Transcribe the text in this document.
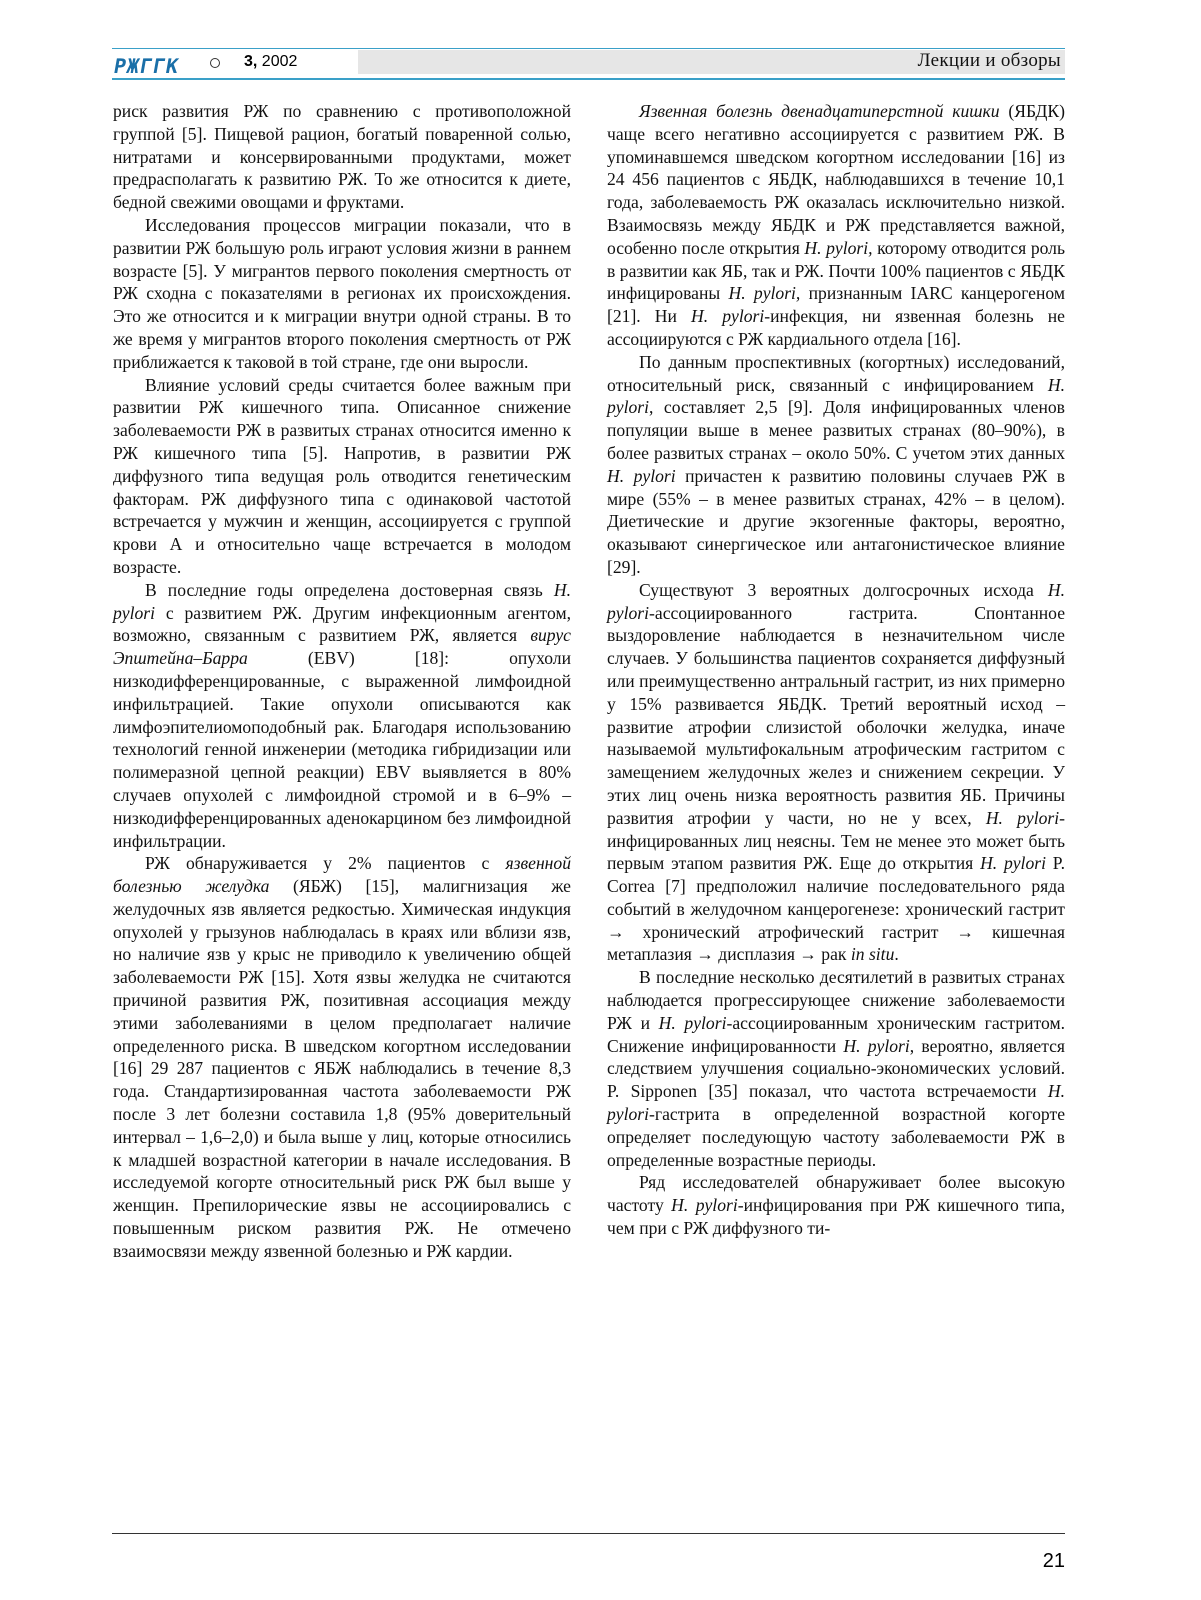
РЖГГК	3, 2002	Лекции и обзоры

риск развития РЖ по сравнению с противоположной группой [5]. Пищевой рацион, богатый поваренной солью, нитратами и консервированными продуктами, может предрасполагать к развитию РЖ. То же относится к диете, бедной свежими овощами и фруктами.

Исследования процессов миграции показали, что в развитии РЖ большую роль играют условия жизни в раннем возрасте [5]. У мигрантов первого поколения смертность от РЖ сходна с показателями в регионах их происхождения. Это же относится и к миграции внутри одной страны. В то же время у мигрантов второго поколения смертность от РЖ приближается к таковой в той стране, где они выросли.

Влияние условий среды считается более важным при развитии РЖ кишечного типа. Описанное снижение заболеваемости РЖ в развитых странах относится именно к РЖ кишечного типа [5]. Напротив, в развитии РЖ диффузного типа ведущая роль отводится генетическим факторам. РЖ диффузного типа с одинаковой частотой встречается у мужчин и женщин, ассоциируется с группой крови А и относительно чаще встречается в молодом возрасте.

В последние годы определена достоверная связь H. pylori с развитием РЖ. Другим инфекционным агентом, возможно, связанным с развитием РЖ, является вирус Эпштейна–Барра (EBV) [18]: опухоли низкодифференцированные, с выраженной лимфоидной инфильтрацией. Такие опухоли описываются как лимфоэпителиомоподобный рак. Благодаря использованию технологий генной инженерии (методика гибридизации или полимеразной цепной реакции) EBV выявляется в 80% случаев опухолей с лимфоидной стромой и в 6–9% – низкодифференцированных аденокарцином без лимфоидной инфильтрации.

РЖ обнаруживается у 2% пациентов с язвенной болезнью желудка (ЯБЖ) [15], малигнизация же желудочных язв является редкостью. Химическая индукция опухолей у грызунов наблюдалась в краях или вблизи язв, но наличие язв у крыс не приводило к увеличению общей заболеваемости РЖ [15]. Хотя язвы желудка не считаются причиной развития РЖ, позитивная ассоциация между этими заболеваниями в целом предполагает наличие определенного риска. В шведском когортном исследовании [16] 29 287 пациентов с ЯБЖ наблюдались в течение 8,3 года. Стандартизированная частота заболеваемости РЖ после 3 лет болезни составила 1,8 (95% доверительный интервал – 1,6–2,0) и была выше у лиц, которые относились к младшей возрастной категории в начале исследования. В исследуемой когорте относительный риск РЖ был выше у женщин. Препилорические язвы не ассоциировались с повышенным риском развития РЖ. Не отмечено взаимосвязи между язвенной болезнью и РЖ кардии.

Язвенная болезнь двенадцатиперстной кишки (ЯБДК) чаще всего негативно ассоциируется с развитием РЖ. В упоминавшемся шведском когортном исследовании [16] из 24 456 пациентов с ЯБДК, наблюдавшихся в течение 10,1 года, заболеваемость РЖ оказалась исключительно низкой. Взаимосвязь между ЯБДК и РЖ представляется важной, особенно после открытия H. pylori, которому отводится роль в развитии как ЯБ, так и РЖ. Почти 100% пациентов с ЯБДК инфицированы H. pylori, признанным IARC канцерогеном [21]. Ни H. pylori-инфекция, ни язвенная болезнь не ассоциируются с РЖ кардиального отдела [16].

По данным проспективных (когортных) исследований, относительный риск, связанный с инфицированием H. pylori, составляет 2,5 [9]. Доля инфицированных членов популяции выше в менее развитых странах (80–90%), в более развитых странах – около 50%. С учетом этих данных H. pylori причастен к развитию половины случаев РЖ в мире (55% – в менее развитых странах, 42% – в целом). Диетические и другие экзогенные факторы, вероятно, оказывают синергическое или антагонистическое влияние [29].

Существуют 3 вероятных долгосрочных исхода H. pylori-ассоциированного гастрита. Спонтанное выздоровление наблюдается в незначительном числе случаев. У большинства пациентов сохраняется диффузный или преимущественно антральный гастрит, из них примерно у 15% развивается ЯБДК. Третий вероятный исход – развитие атрофии слизистой оболочки желудка, иначе называемой мультифокальным атрофическим гастритом с замещением желудочных желез и снижением секреции. У этих лиц очень низка вероятность развития ЯБ. Причины развития атрофии у части, но не у всех, H. pylori-инфицированных лиц неясны. Тем не менее это может быть первым этапом развития РЖ. Еще до открытия H. pylori P. Correa [7] предположил наличие последовательного ряда событий в желудочном канцерогенезе: хронический гастрит → хронический атрофический гастрит → кишечная метаплазия → дисплазия → рак in situ.

В последние несколько десятилетий в развитых странах наблюдается прогрессирующее снижение заболеваемости РЖ и H. pylori-ассоциированным хроническим гастритом. Снижение инфицированности H. pylori, вероятно, является следствием улучшения социально-экономических условий. P. Sipponen [35] показал, что частота встречаемости H. pylori-гастрита в определенной возрастной когорте определяет последующую частоту заболеваемости РЖ в определенные возрастные периоды.

Ряд исследователей обнаруживает более высокую частоту H. pylori-инфицирования при РЖ кишечного типа, чем при с РЖ диффузного ти-

21
